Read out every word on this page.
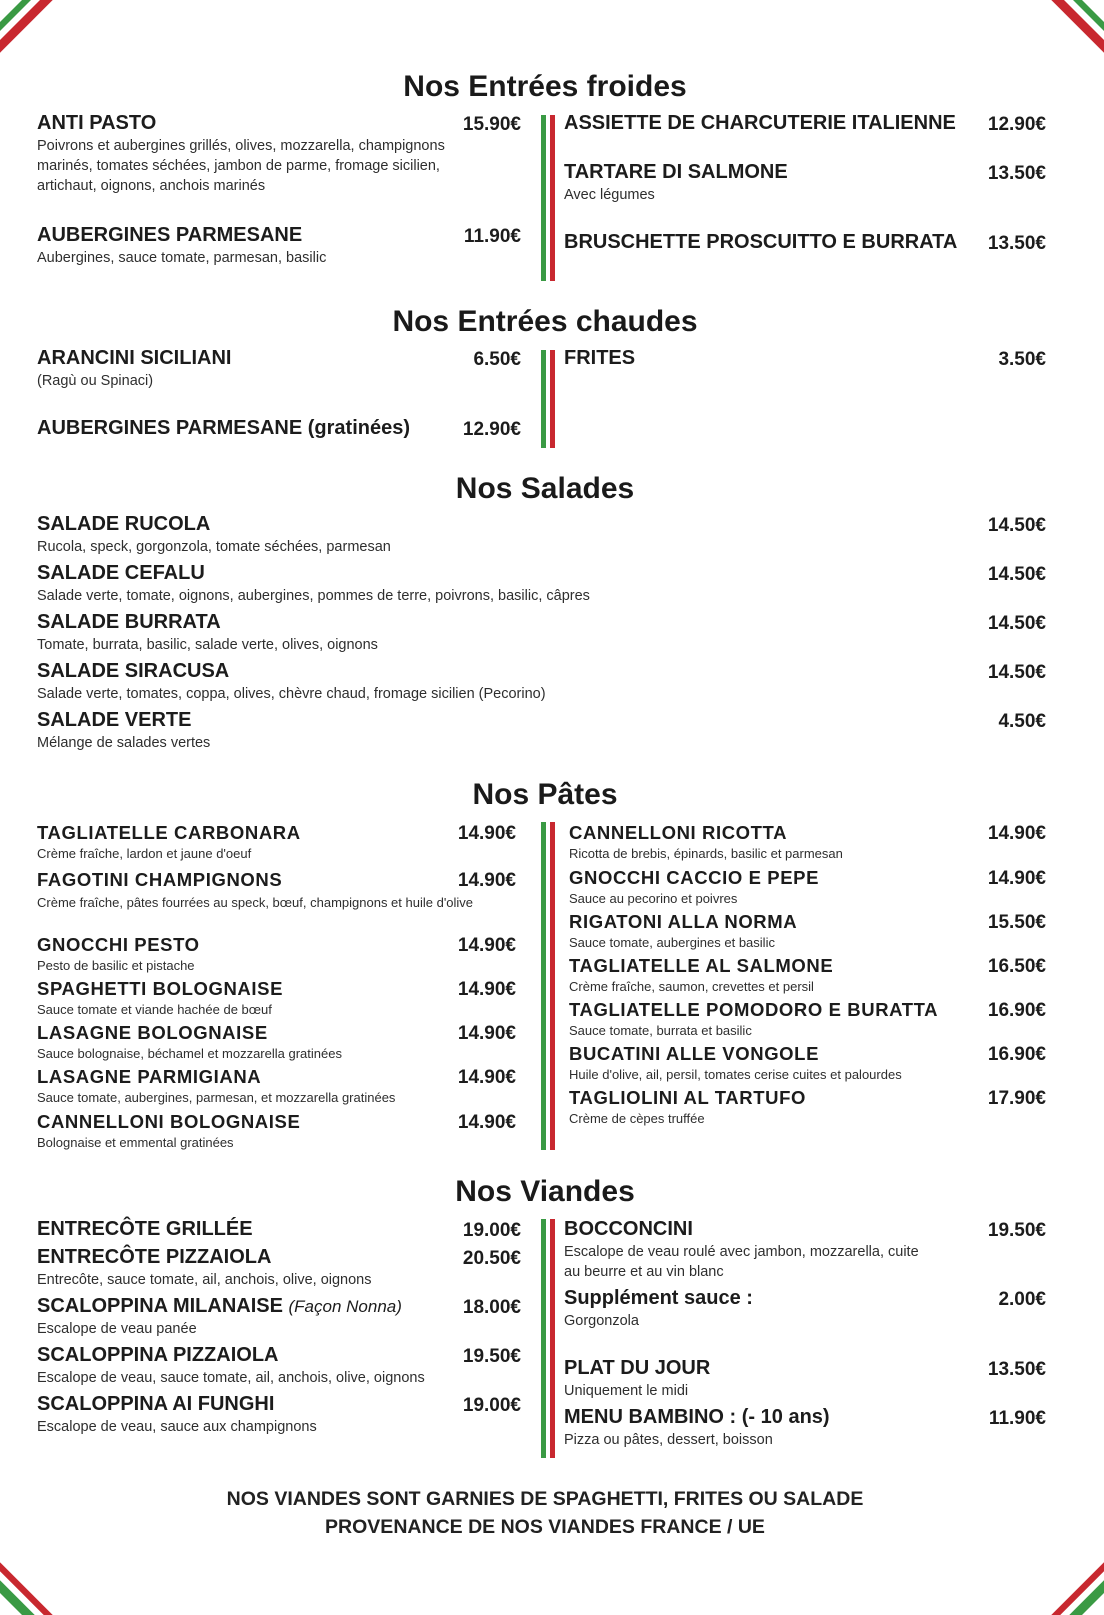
Nos Entrées froides
ANTI PASTO
Poivrons et aubergines grillés, olives, mozzarella, champignons marinés, tomates séchées, jambon de parme, fromage sicilien, artichaut, oignons, anchois marinés
15.90€
AUBERGINES PARMESANE
Aubergines, sauce tomate, parmesan, basilic
11.90€
ASSIETTE DE CHARCUTERIE ITALIENNE	12.90€
TARTARE DI SALMONE
Avec légumes
13.50€
BRUSCHETTE PROSCUITTO E BURRATA	13.50€
Nos Entrées chaudes
ARANCINI SICILIANI
(Ragù ou Spinaci)
6.50€
AUBERGINES PARMESANE (gratinées)	12.90€
FRITES	3.50€
Nos Salades
SALADE RUCOLA
Rucola, speck, gorgonzola, tomate séchées, parmesan
14.50€
SALADE CEFALU
Salade verte, tomate, oignons, aubergines, pommes de terre, poivrons, basilic, câpres
14.50€
SALADE BURRATA
Tomate, burrata, basilic, salade verte, olives, oignons
14.50€
SALADE SIRACUSA
Salade verte, tomates, coppa, olives, chèvre chaud, fromage sicilien (Pecorino)
14.50€
SALADE VERTE
Mélange de salades vertes
4.50€
Nos Pâtes
TAGLIATELLE CARBONARA
Crème fraîche, lardon et jaune d'oeuf
14.90€
FAGOTINI CHAMPIGNONS
Crème fraîche, pâtes fourrées au speck, bœuf, champignons et huile d'olive
14.90€
GNOCCHI PESTO
Pesto de basilic et pistache
14.90€
SPAGHETTI BOLOGNAISE
Sauce tomate et viande hachée de bœuf
14.90€
LASAGNE BOLOGNAISE
Sauce bolognaise, béchamel et mozzarella gratinées
14.90€
LASAGNE PARMIGIANA
Sauce tomate, aubergines, parmesan, et mozzarella gratinées
14.90€
CANNELLONI BOLOGNAISE
Bolognaise et emmental gratinées
14.90€
CANNELLONI RICOTTA
Ricotta de brebis, épinards, basilic et parmesan
14.90€
GNOCCHI CACCIO E PEPE
Sauce au pecorino et poivres
14.90€
RIGATONI ALLA NORMA
Sauce tomate, aubergines et basilic
15.50€
TAGLIATELLE AL SALMONE
Crème fraîche, saumon, crevettes et persil
16.50€
TAGLIATELLE POMODORO E BURATTA
Sauce tomate, burrata et basilic
16.90€
BUCATINI ALLE VONGOLE
Huile d'olive, ail, persil, tomates cerise cuites et palourdes
16.90€
TAGLIOLINI AL TARTUFO
Crème de cèpes truffée
17.90€
Nos Viandes
ENTRECÔTE GRILLÉE	19.00€
ENTRECÔTE PIZZAIOLA
Entrecôte, sauce tomate, ail, anchois, olive, oignons
20.50€
SCALOPPINA MILANAISE (Façon Nonna)
Escalope de veau panée
18.00€
SCALOPPINA PIZZAIOLA
Escalope de veau, sauce tomate, ail, anchois, olive, oignons
19.50€
SCALOPPINA AI FUNGHI
Escalope de veau, sauce aux champignons
19.00€
BOCCONCINI
Escalope de veau roulé avec jambon, mozzarella, cuite au beurre et au vin blanc
19.50€
Supplément sauce :
Gorgonzola
2.00€
PLAT DU JOUR
Uniquement le midi
13.50€
MENU BAMBINO : (- 10 ans)
Pizza ou pâtes, dessert, boisson
11.90€
NOS VIANDES SONT GARNIES DE SPAGHETTI, FRITES OU SALADE
PROVENANCE DE NOS VIANDES FRANCE / UE
